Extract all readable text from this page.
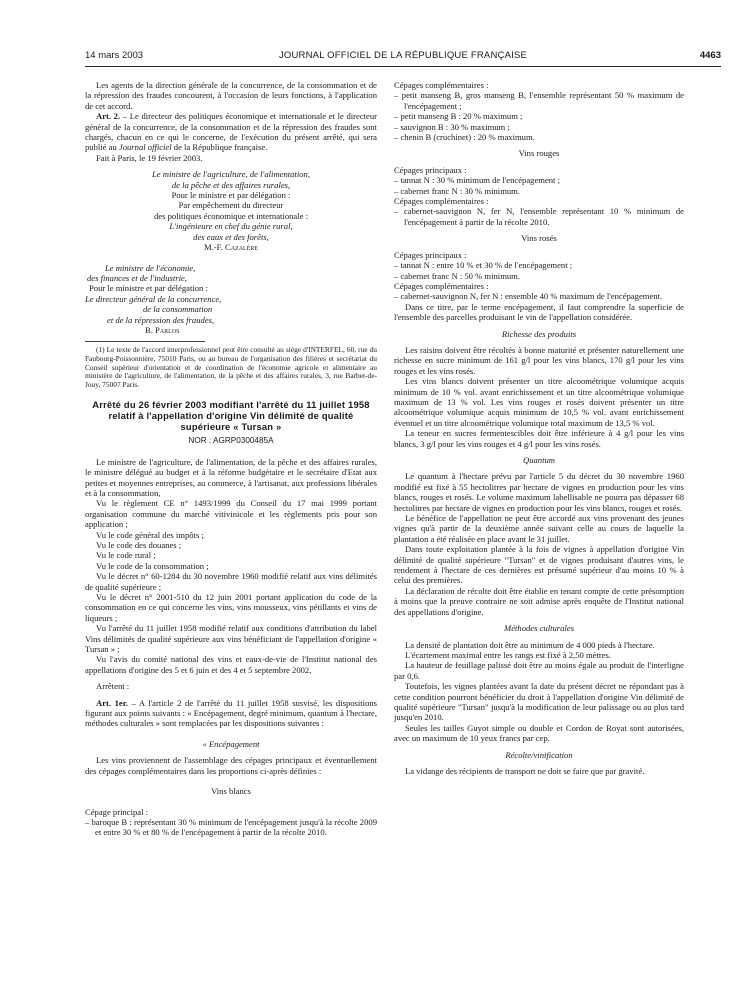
14 mars 2003	JOURNAL OFFICIEL DE LA RÉPUBLIQUE FRANÇAISE	4463

Les agents de la direction générale de la concurrence, de la consommation et de la répression des fraudes concourent, à l'occasion de leurs fonctions, à l'application de cet accord.

Art. 2. – Le directeur des politiques économique et internationale et le directeur général de la concurrence, de la consommation et de la répression des fraudes sont chargés, chacun en ce qui le concerne, de l'exécution du présent arrêté, qui sera publié au Journal officiel de la République française.

Fait à Paris, le 19 février 2003.

Le ministre de l'agriculture, de l'alimentation,

de la pêche et des affaires rurales,

Pour le ministre et par délégation :

Par empêchement du directeur

des politiques économique et internationale :

L'ingénieure en chef du génie rural,

des eaux et des forêts,

M.-F. Cazalère

Le ministre de l'économie,

des finances et de l'industrie,

Pour le ministre et par délégation :

Le directeur général de la concurrence,

de la consommation

et de la répression des fraudes,

B. Parlos

(1) Le texte de l'accord interprofessionnel peut être consulté au siège d'INTERFEL, 60, rue du Faubourg-Poissonnière, 75010 Paris, ou au bureau de l'organisation des filières et secrétariat du Conseil supérieur d'orientation et de coordination de l'économie agricole et alimentaire au ministère de l'agriculture, de l'alimentation, de la pêche et des affaires rurales, 3, rue Barbet-de-Jouy, 75007 Paris.

Arrêté du 26 février 2003 modifiant l'arrêté du 11 juillet 1958 relatif à l'appellation d'origine Vin délimité de qualité supérieure « Tursan »

NOR : AGRP0300485A

Le ministre de l'agriculture, de l'alimentation, de la pêche et des affaires rurales, le ministre délégué au budget et à la réforme budgétaire et le secrétaire d'Etat aux petites et moyennes entreprises, au commerce, à l'artisanat, aux professions libérales et à la consommation,

Vu le règlement CE n° 1493/1999 du Conseil du 17 mai 1999 portant organisation commune du marché vitivinicole et les règlements pris pour son application ;

Vu le code général des impôts ;

Vu le code des douanes ;

Vu le code rural ;

Vu le code de la consommation ;

Vu le décret n° 60-1284 du 30 novembre 1960 modifié relatif aux vins délimités de qualité supérieure ;

Vu le décret n° 2001-510 du 12 juin 2001 portant application du code de la consommation en ce qui concerne les vins, vins mousseux, vins pétillants et vins de liqueurs ;

Vu l'arrêté du 11 juillet 1958 modifié relatif aux conditions d'attribution du label Vins délimités de qualité supérieure aux vins bénéficiant de l'appellation d'origine « Tursan » ;

Vu l'avis du comité national des vins et eaux-de-vie de l'Institut national des appellations d'origine des 5 et 6 juin et des 4 et 5 septembre 2002,

Arrêtent :

Art. 1er. – A l'article 2 de l'arrêté du 11 juillet 1958 susvisé, les dispositions figurant aux points suivants : « Encépagement, degré minimum, quantum à l'hectare, méthodes culturales » sont remplacées par les dispositions suivantes :

« Encépagement

Les vins proviennent de l'assemblage des cépages principaux et éventuellement des cépages complémentaires dans les proportions ci-après définies :

Vins blancs

Cépage principal :

– baroque B : représentant 30 % minimum de l'encépagement jusqu'à la récolte 2009 et entre 30 % et 80 % de l'encépagement à partir de la récolte 2010.

Cépages complémentaires :

– petit manseng B, gros manseng B, l'ensemble représentant 50 % maximum de l'encépagement ;

– petit manseng B : 20 % maximum ;

– sauvignon B : 30 % maximum ;

– chenin B (cruchinet) : 20 % maximum.

Vins rouges

Cépages principaux :

– tannat N : 30 % minimum de l'encépagement ;

– cabernet franc N : 30 % minimum.

Cépages complémentaires :

– cabernet-sauvignon N, fer N, l'ensemble représentant 10 % minimum de l'encépagement à partir de la récolte 2010.

Vins rosés

Cépages principaux :

– tannat N : entre 10 % et 30 % de l'encépagement ;

– cabernet franc N : 50 % minimum.

Cépages complémentaires :

– cabernet-sauvignon N, fer N : ensemble 40 % maximum de l'encépagement.

Dans ce titre, par le terme encépagement, il faut comprendre la superficie de l'ensemble des parcelles produisant le vin de l'appellation considérée.

Richesse des produits

Les raisins doivent être récoltés à bonne maturité et présenter naturellement une richesse en sucre minimum de 161 g/l pour les vins blancs, 170 g/l pour les vins rouges et les vins rosés.

Les vins blancs doivent présenter un titre alcoométrique volumique acquis minimum de 10 % vol. avant enrichissement et un titre alcoométrique volumique maximum de 13 % vol. Les vins rouges et rosés doivent présenter un titre alcoométrique volumique acquis minimum de 10,5 % vol. avant enrichissement éventuel et un titre alcoométrique volumique total maximum de 13,5 % vol.

La teneur en sucres fermentescibles doit être inférieure à 4 g/l pour les vins blancs, 3 g/l pour les vins rouges et 4 g/l pour les vins rosés.

Quantum

Le quantum à l'hectare prévu par l'article 5 du décret du 30 novembre 1960 modifié est fixé à 55 hectolitres par hectare de vignes en production pour les vins blancs, rouges et rosés. Le volume maximum labellisable ne pourra pas dépasser 68 hectolitres par hectare de vignes en production pour les vins blancs, rouges et rosés.

Le bénéfice de l'appellation ne peut être accordé aux vins provenant des jeunes vignes qu'à partir de la deuxième année suivant celle au cours de laquelle la plantation a été réalisée en place avant le 31 juillet.

Dans toute exploitation plantée à la fois de vignes à appellation d'origine Vin délimité de qualité supérieure "Tursan" et de vignes produisant d'autres vins, le rendement à l'hectare de ces dernières est présumé supérieur d'au moins 10 % à celui des premières.

La déclaration de récolte doit être établie en tenant compte de cette présomption à moins que la preuve contraire ne soit admise après enquête de l'Institut national des appellations d'origine.

Méthodes culturales

La densité de plantation doit être au minimum de 4 000 pieds à l'hectare.

L'écartement maximal entre les rangs est fixé à 2,50 mètres.

La hauteur de feuillage palissé doit être au moins égale au produit de l'interligne par 0,6.

Toutefois, les vignes plantées avant la date du présent décret ne répondant pas à cette condition pourront bénéficier du droit à l'appellation d'origine Vin délimité de qualité supérieure "Tursan" jusqu'à la modification de leur palissage ou au plus tard jusqu'en 2010.

Seules les tailles Guyot simple ou double et Cordon de Royat sont autorisées, avec un maximum de 10 yeux francs par cep.

Récolte/vinification

La vidange des récipients de transport ne doit se faire que par gravité.
